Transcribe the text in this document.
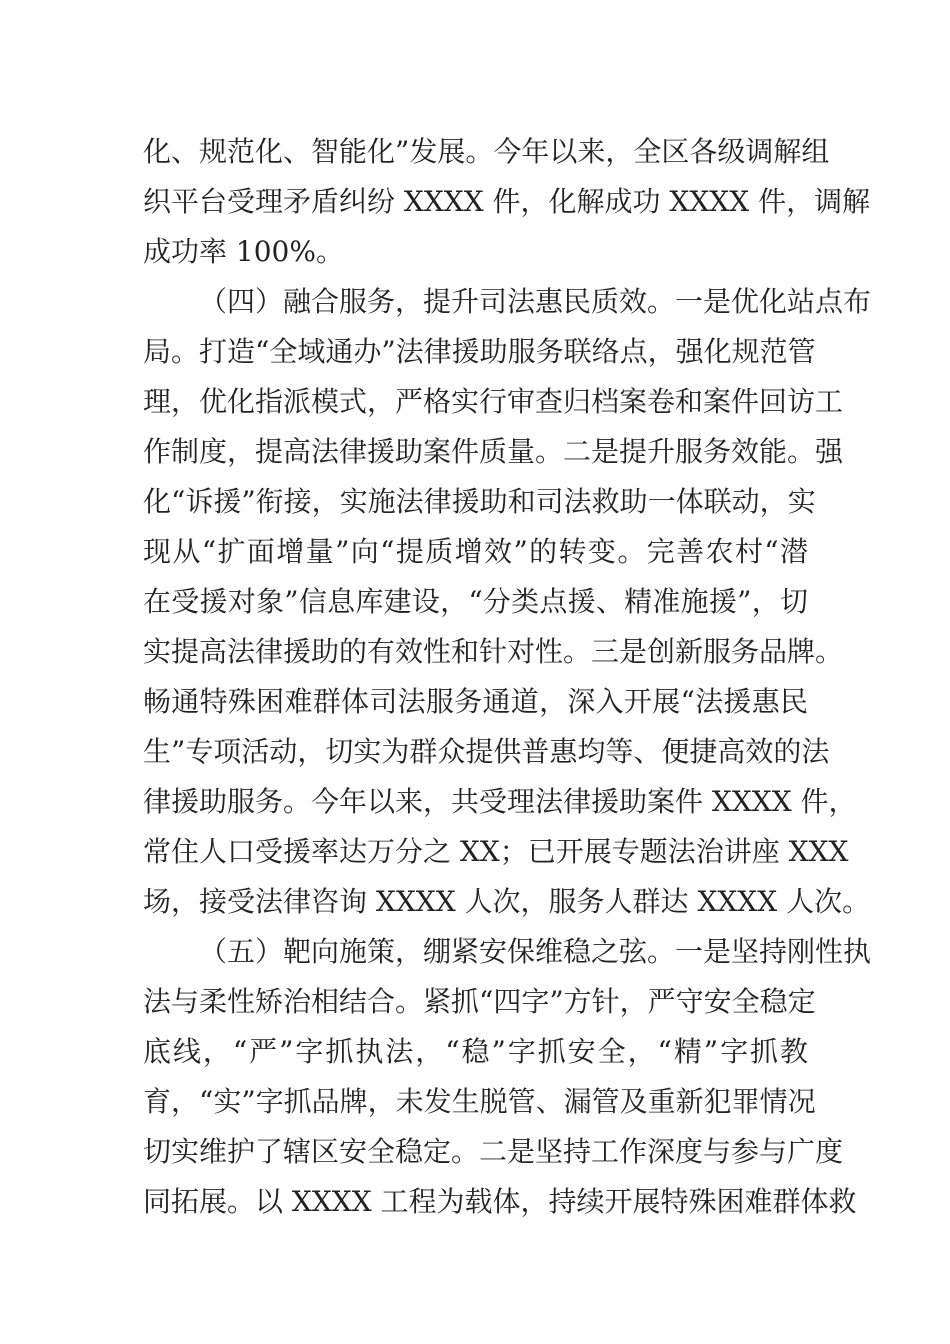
化、规范化、智能化”发展。今年以来，全区各级调解组
织平台受理矛盾纠纷 XXXX 件，化解成功 XXXX 件，调解
成功率 100%。
（四）融合服务，提升司法惠民质效。一是优化站点布
局。打造“全域通办”法律援助服务联络点，强化规范管
理，优化指派模式，严格实行审查归档案卷和案件回访工
作制度，提高法律援助案件质量。二是提升服务效能。强
化“诉援”衔接，实施法律援助和司法救助一体联动，实
现从“扩面增量”向“提质增效”的转变。完善农村“潜
在受援对象”信息库建设，“分类点援、精准施援”，切
实提高法律援助的有效性和针对性。三是创新服务品牌。
畅通特殊困难群体司法服务通道，深入开展“法援惠民
生”专项活动，切实为群众提供普惠均等、便捷高效的法
律援助服务。今年以来，共受理法律援助案件 XXXX 件，
常住人口受援率达万分之 XX；已开展专题法治讲座 XXX
场，接受法律咨询 XXXX 人次，服务人群达 XXXX 人次。
（五）靶向施策，绷紧安保维稳之弦。一是坚持刚性执
法与柔性矫治相结合。紧抓“四字”方针，严守安全稳定
底线，“严”字抓执法，“稳”字抓安全，“精”字抓教
育，“实”字抓品牌，未发生脱管、漏管及重新犯罪情况
切实维护了辖区安全稳定。二是坚持工作深度与参与广度
同拓展。以 XXXX 工程为载体，持续开展特殊困难群体救
